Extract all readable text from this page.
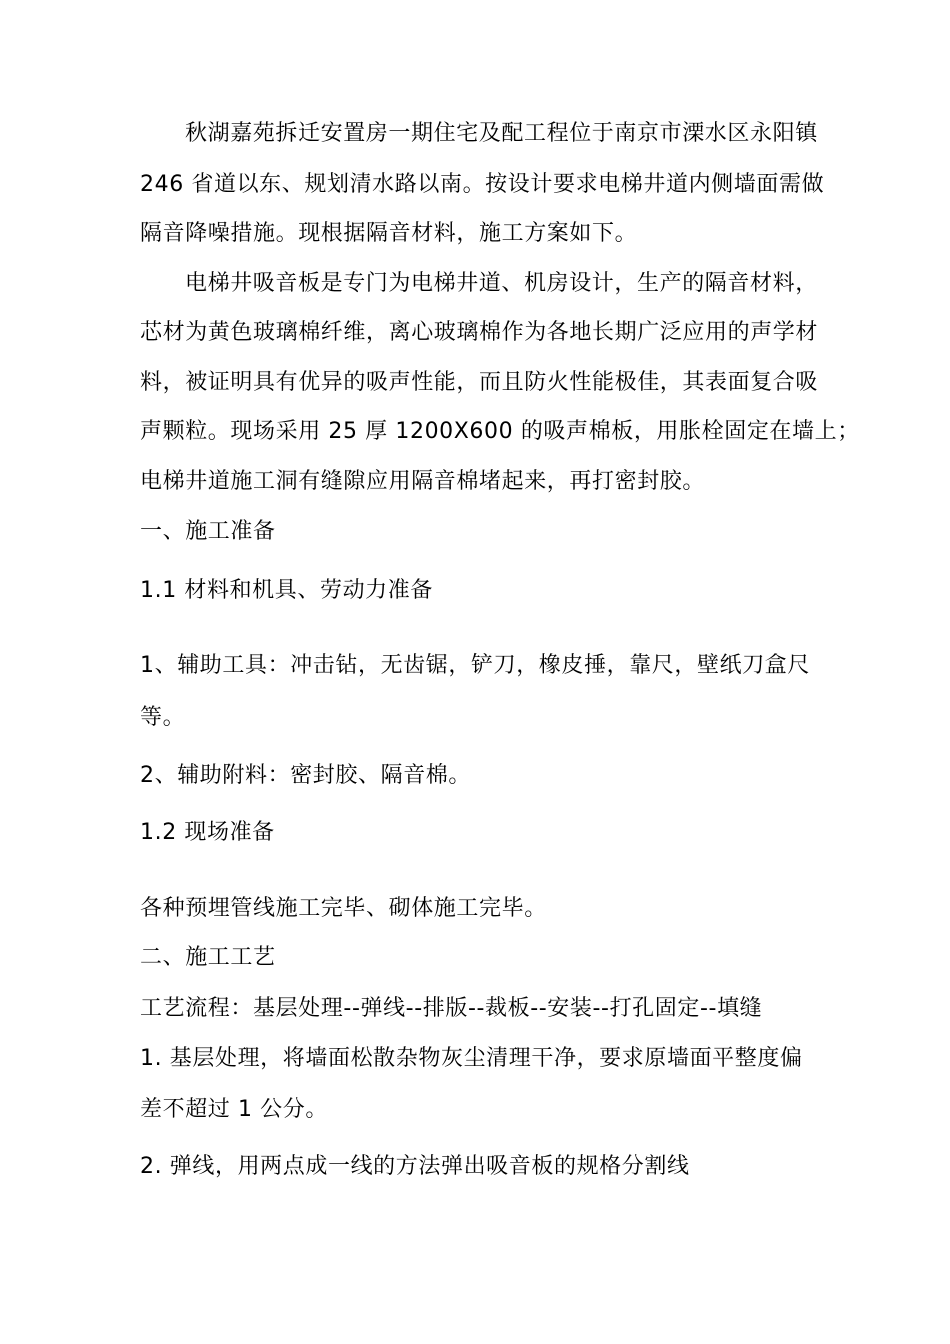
秋湖嘉苑拆迁安置房一期住宅及配工程位于南京市溧水区永阳镇
246 省道以东、规划清水路以南。按设计要求电梯井道内侧墙面需做
隔音降噪措施。现根据隔音材料，施工方案如下。
电梯井吸音板是专门为电梯井道、机房设计，生产的隔音材料，
芯材为黄色玻璃棉纤维，离心玻璃棉作为各地长期广泛应用的声学材
料，被证明具有优异的吸声性能，而且防火性能极佳，其表面复合吸
声颗粒。现场采用 25 厚 1200X600 的吸声棉板，用胀栓固定在墙上；
电梯井道施工洞有缝隙应用隔音棉堵起来，再打密封胶。
一、施工准备
1.1 材料和机具、劳动力准备
1、辅助工具：冲击钻，无齿锯，铲刀，橡皮捶，靠尺，壁纸刀盒尺
等。
2、辅助附料：密封胶、隔音棉。
1.2 现场准备
各种预埋管线施工完毕、砌体施工完毕。
二、施工工艺
工艺流程：基层处理--弹线--排版--裁板--安装--打孔固定--填缝
1. 基层处理，将墙面松散杂物灰尘清理干净，要求原墙面平整度偏
差不超过 1 公分。
2. 弹线，用两点成一线的方法弹出吸音板的规格分割线
